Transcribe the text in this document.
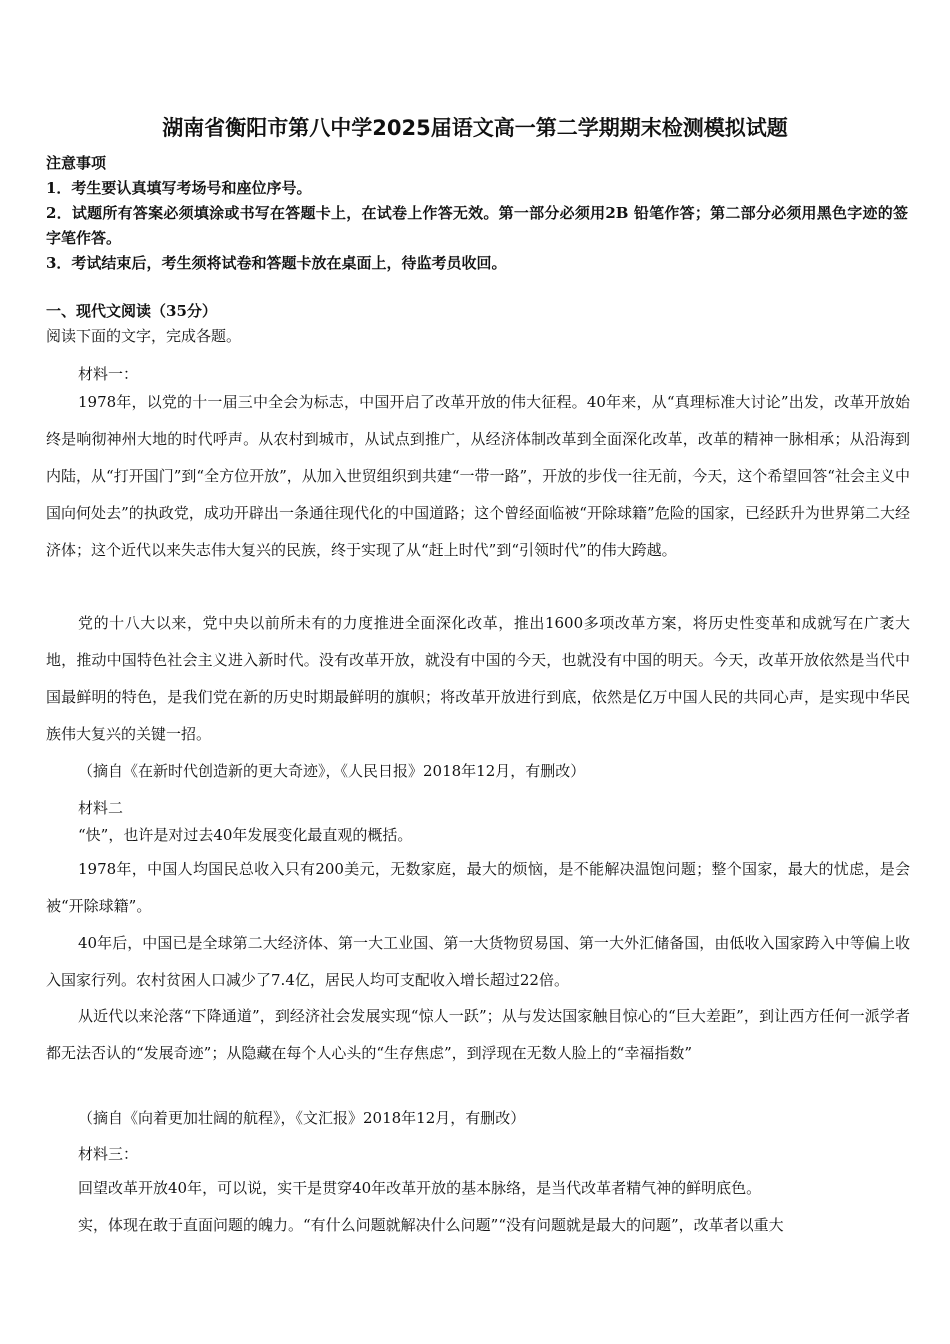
湖南省衡阳市第八中学2025届语文高一第二学期期末检测模拟试题
注意事项
1．考生要认真填写考场号和座位序号。
2．试题所有答案必须填涂或书写在答题卡上，在试卷上作答无效。第一部分必须用2B 铅笔作答；第二部分必须用黑色字迹的签字笔作答。
3．考试结束后，考生须将试卷和答题卡放在桌面上，待监考员收回。
一、现代文阅读（35分）
阅读下面的文字，完成各题。

材料一：

1978年，以党的十一届三中全会为标志，中国开启了改革开放的伟大征程。40年来，从“真理标准大讨论”出发，改革开放始终是响彻神州大地的时代呼声。从农村到城市，从试点到推广，从经济体制改革到全面深化改革，改革的精神一脉相承；从沿海到内陆，从“打开国门”到“全方位开放”，从加入世贸组织到共建“一带一路”，开放的步伐一往无前，今天，这个希望回答“社会主义中国向何处去”的执政党，成功开辟出一条通往现代化的中国道路；这个曾经面临被“开除球籍”危险的国家，已经跃升为世界第二大经济体；这个近代以来失志伟大复兴的民族，终于实现了从“赶上时代”到“引领时代”的伟大跨越。

党的十八大以来，党中央以前所未有的力度推进全面深化改革，推出1600多项改革方案，将历史性变革和成就写在广袤大地，推动中国特色社会主义进入新时代。没有改革开放，就没有中国的今天，也就没有中国的明天。今天，改革开放依然是当代中国最鲜明的特色，是我们党在新的历史时期最鲜明的旗帜；将改革开放进行到底，依然是亿万中国人民的共同心声，是实现中华民族伟大复兴的关键一招。

（摘自《在新时代创造新的更大奇迹》，《人民日报》2018年12月，有删改）

材料二

“快”，也许是对过去40年发展变化最直观的概括。

1978年，中国人均国民总收入只有200美元，无数家庭，最大的烦恼，是不能解决温饱问题；整个国家，最大的忧虑，是会被“开除球籍”。

40年后，中国已是全球第二大经济体、第一大工业国、第一大货物贸易国、第一大外汇储备国，由低收入国家跨入中等偏上收入国家行列。农村贫困人口减少了7.4亿，居民人均可支配收入增长超过22倍。

从近代以来沦落“下降通道”，到经济社会发展实现“惊人一跃”；从与发达国家触目惊心的“巨大差距”，到让西方任何一派学者都无法否认的“发展奇迹”；从隐藏在每个人心头的“生存焦虑”，到浮现在无数人脸上的“幸福指数”

（摘自《向着更加壮阔的航程》，《文汇报》2018年12月，有删改）

材料三：

回望改革开放40年，可以说，实干是贯穿40年改革开放的基本脉络，是当代改革者精气神的鲜明底色。

实，体现在敢于直面问题的魄力。“有什么问题就解决什么问题”“没有问题就是最大的问题”，改革者以重大
